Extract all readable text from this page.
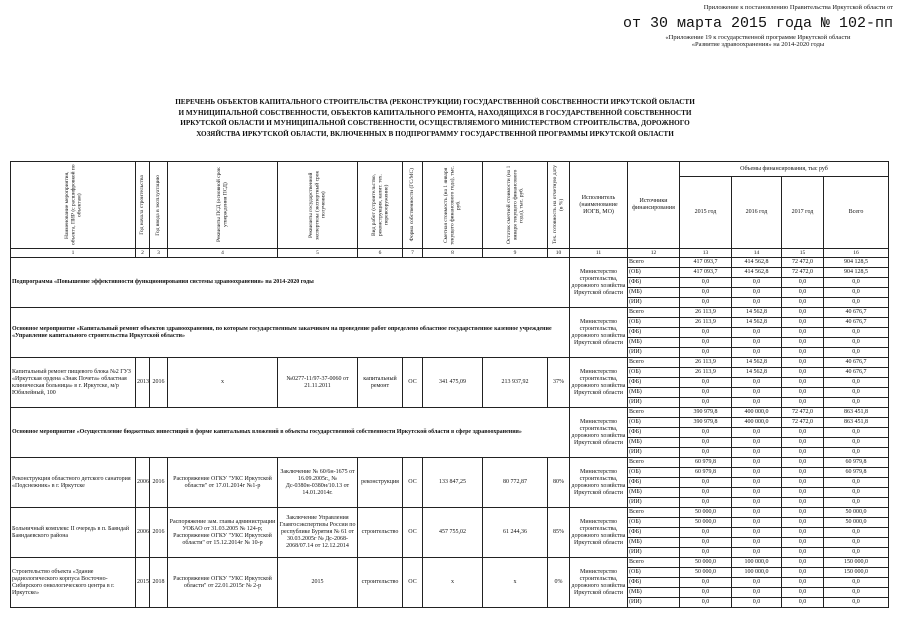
Приложение к постановлению Правительства Иркутской области от
от 30 марта 2015 года № 102-пп
«Приложение 19 к государственной программе Иркутской области
«Развитие здравоохранения» на 2014-2020 годы
ПЕРЕЧЕНЬ ОБЪЕКТОВ КАПИТАЛЬНОГО СТРОИТЕЛЬСТВА (РЕКОНСТРУКЦИИ) ГОСУДАРСТВЕННОЙ СОБСТВЕННОСТИ ИРКУТСКОЙ ОБЛАСТИ
И МУНИЦИПАЛЬНОЙ СОБСТВЕННОСТИ, ОБЪЕКТОВ КАПИТАЛЬНОГО РЕМОНТА, НАХОДЯЩИХСЯ В ГОСУДАРСТВЕННОЙ СОБСТВЕННОСТИ
ИРКУТСКОЙ ОБЛАСТИ И МУНИЦИПАЛЬНОЙ СОБСТВЕННОСТИ, ОСУЩЕСТВЛЯЕМОГО МИНИСТЕРСТВОМ СТРОИТЕЛЬСТВА, ДОРОЖНОГО
ХОЗЯЙСТВА ИРКУТСКОЙ ОБЛАСТИ, ВКЛЮЧЕННЫХ В ПОДПРОГРАММУ ГОСУДАРСТВЕННОЙ ПРОГРАММЫ ИРКУТСКОЙ ОБЛАСТИ
Наименование мероприятия, объекта, ПИР (с расшифровкой по объектам)	Год начала строительства	Год ввода в эксплуатацию	Реквизиты ПСД (основной срок утверждения ПСД)	Реквизиты государственной экспертизы (экспертный срок получения)	Вид работ (строительство, реконструкция, капит. тех. перевооружение)	Форма собственности (ГС/МС)	Сметная стоимость (на 1 января текущего финансового года), тыс. руб.	Остаток сметной стоимости (на 1 января текущего финансового года), тыс. руб.	Тех. готовность на отчетную дату (в %)	Исполнитель (наименование ИОГВ, МО)	Источники финансирования	Объемы финансирования, тыс руб			
												2015 год	2016 год	2017 год	Всего
1	2	3	4	5	6	7	8	9	10	11	12	13	14	15	16
Подпрограмма «Повышение эффективности функционирования системы здравоохранения» на 2014-2020 годы										Министерство строительства, дорожного хозяйства Иркутской области	Всего	417 093,7	414 562,8	72 472,0	904 128,5
											(ОБ)	417 093,7	414 562,8	72 472,0	904 128,5
											(ФБ)	0,0	0,0	0,0	0,0
											(МБ)	0,0	0,0	0,0	0,0
											(ИИ)	0,0	0,0	0,0	0,0
Основное мероприятие «Капитальный ремонт объектов здравоохранения, по которым государственным заказчиком на проведение работ определено областное государственное казенное учреждение «Управление капитального строительства Иркутской области»										Министерство строительства, дорожного хозяйства Иркутской области	Всего	26 113,9	14 562,8	0,0	40 676,7
											(ОБ)	26 113,9	14 562,8	0,0	40 676,7
											(ФБ)	0,0	0,0	0,0	0,0
											(МБ)	0,0	0,0	0,0	0,0
											(ИИ)	0,0	0,0	0,0	0,0
Капитальный ремонт пищевого блока №2 ГУЗ «Иркутская ордена «Знак Почета» областная клиническая больница» в г. Иркутске, м/р Юбилейный, 100	2013	2016	x	№0277-11/97-37-0060 от 21.11.2011	капитальный ремонт	ОС	341 475,09	213 937,92	37%	Министерство строительства, дорожного хозяйства Иркутской области	Всего	26 113,9	14 562,8	0,0	40 676,7
											(ОБ)	26 113,9	14 562,8	0,0	40 676,7
											(ФБ)	0,0	0,0	0,0	0,0
											(МБ)	0,0	0,0	0,0	0,0
											(ИИ)	0,0	0,0	0,0	0,0
Основное мероприятие «Осуществление бюджетных инвестиций в форме капитальных вложений в объекты государственной собственности Иркутской области в сфере здравоохранения»										Министерство строительства, дорожного хозяйства Иркутской области	Всего	390 979,8	400 000,0	72 472,0	863 451,8
											(ОБ)	390 979,8	400 000,0	72 472,0	863 451,8
											(ФБ)	0,0	0,0	0,0	0,0
											(МБ)	0,0	0,0	0,0	0,0
											(ИИ)	0,0	0,0	0,0	0,0
Реконструкция областного детского санатория «Подснежник» в г. Иркутске	2006	2016	Распоряжение ОГКУ "УКС Иркутской области" от 17.01.2014г №1-р	Заключение № 60/6н-1675 от 16.09.2005г., № Дс-0380н-0380н/10.13 от 14.01.2014г.	реконструкция	ОС	133 847,25	80 772,87	80%	Министерство строительства, дорожного хозяйства Иркутской области	Всего	60 979,8	0,0	0,0	60 979,8
											(ОБ)	60 979,8	0,0	0,0	60 979,8
											(ФБ)	0,0	0,0	0,0	0,0
											(МБ)	0,0	0,0	0,0	0,0
											(ИИ)	0,0	0,0	0,0	0,0
Больничный комплекс II очередь в п. Баяндай Баяндаевского района	2006	2016	Распоряжение зам. главы администрации УОБАО от 31.03.2005 № 124-р; Распоряжение ОГКУ "УКС Иркутской области" от 15.12.2014г № 10-р	Заключение Управления Главгосэкспертизы России по республике Бурятия № 61 от 30.03.2005г № Дс-2068-2068/07.14 от 12.12.2014	строительство	ОС	457 755,02	61 244,36	85%	Министерство строительства, дорожного хозяйства Иркутской области	Всего	50 000,0	0,0	0,0	50 000,0
											(ОБ)	50 000,0	0,0	0,0	50 000,0
											(ФБ)	0,0	0,0	0,0	0,0
											(МБ)	0,0	0,0	0,0	0,0
											(ИИ)	0,0	0,0	0,0	0,0
Строительство объекта «Здание радиологического корпуса Восточно-Сибирского онкологического центра в г. Иркутске»	2015	2018	Распоряжение ОГКУ "УКС Иркутской области" от 22.01.2015г № 2-р	2015	строительство	ОС	x	x	0%	Министерство строительства, дорожного хозяйства Иркутской области	Всего	50 000,0	100 000,0	0,0	150 000,0
											(ОБ)	50 000,0	100 000,0	0,0	150 000,0
											(ФБ)	0,0	0,0	0,0	0,0
											(МБ)	0,0	0,0	0,0	0,0
											(ИИ)	0,0	0,0	0,0	0,0
